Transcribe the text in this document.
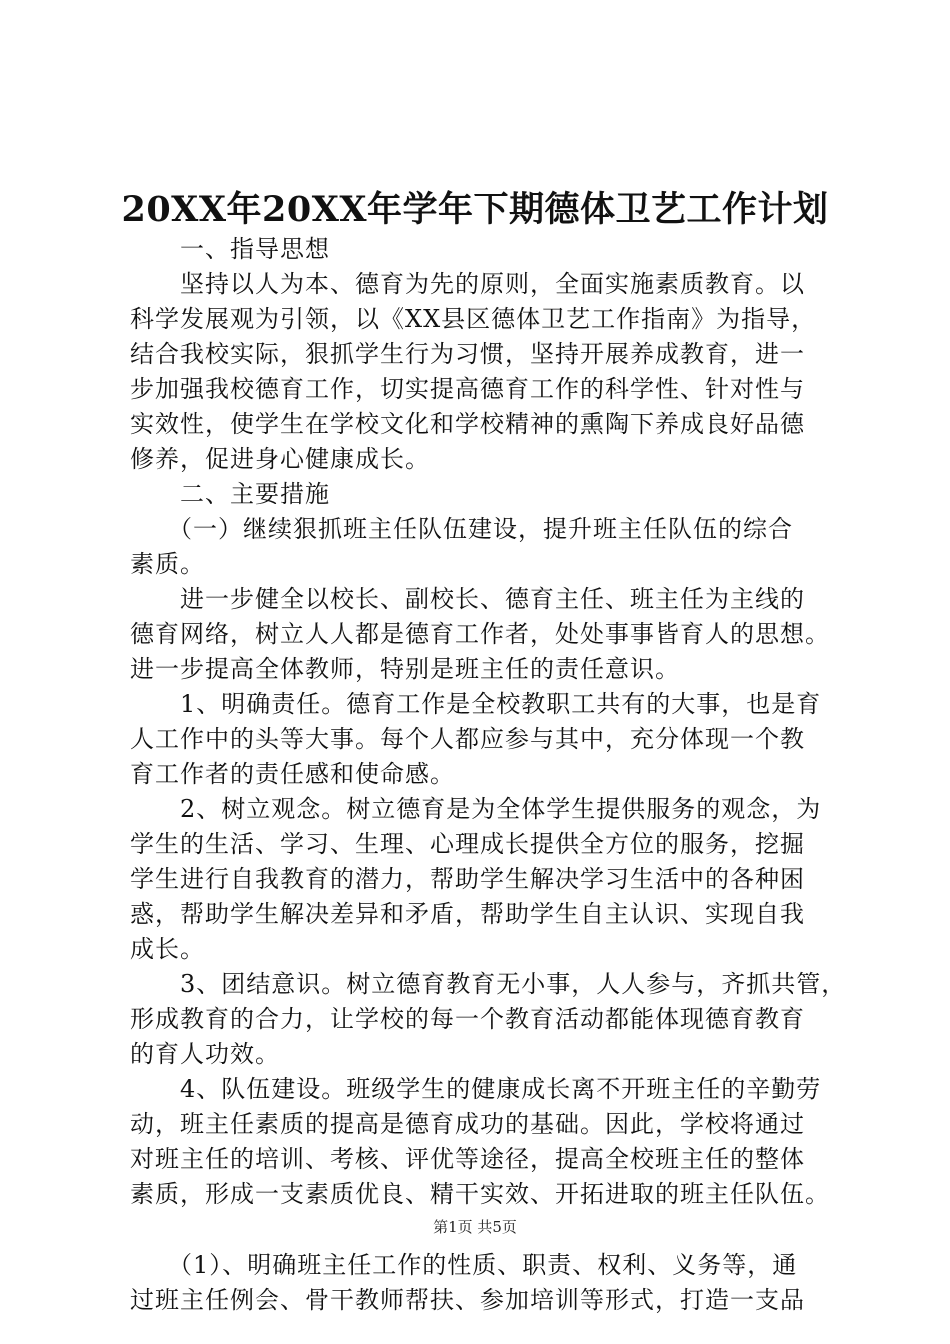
20XX年20XX年学年下期德体卫艺工作计划
　　一、指导思想
　　坚持以人为本、德育为先的原则，全面实施素质教育。以
科学发展观为引领，以《XX县区德体卫艺工作指南》为指导，
结合我校实际，狠抓学生行为习惯，坚持开展养成教育，进一
步加强我校德育工作，切实提高德育工作的科学性、针对性与
实效性，使学生在学校文化和学校精神的熏陶下养成良好品德
修养，促进身心健康成长。
　　二、主要措施
　　（一）继续狠抓班主任队伍建设，提升班主任队伍的综合
素质。
　　进一步健全以校长、副校长、德育主任、班主任为主线的
德育网络，树立人人都是德育工作者，处处事事皆育人的思想。
进一步提高全体教师，特别是班主任的责任意识。
　　1、明确责任。德育工作是全校教职工共有的大事，也是育
人工作中的头等大事。每个人都应参与其中，充分体现一个教
育工作者的责任感和使命感。
　　2、树立观念。树立德育是为全体学生提供服务的观念，为
学生的生活、学习、生理、心理成长提供全方位的服务，挖掘
学生进行自我教育的潜力，帮助学生解决学习生活中的各种困
惑，帮助学生解决差异和矛盾，帮助学生自主认识、实现自我
成长。
　　3、团结意识。树立德育教育无小事，人人参与，齐抓共管，
形成教育的合力，让学校的每一个教育活动都能体现德育教育
的育人功效。
　　4、队伍建设。班级学生的健康成长离不开班主任的辛勤劳
动，班主任素质的提高是德育成功的基础。因此，学校将通过
对班主任的培训、考核、评优等途径，提高全校班主任的整体
素质，形成一支素质优良、精干实效、开拓进取的班主任队伍。
　　（1）、明确班主任工作的性质、职责、权利、义务等，通
过班主任例会、骨干教师帮扶、参加培训等形式，打造一支品
第1页 共5页
